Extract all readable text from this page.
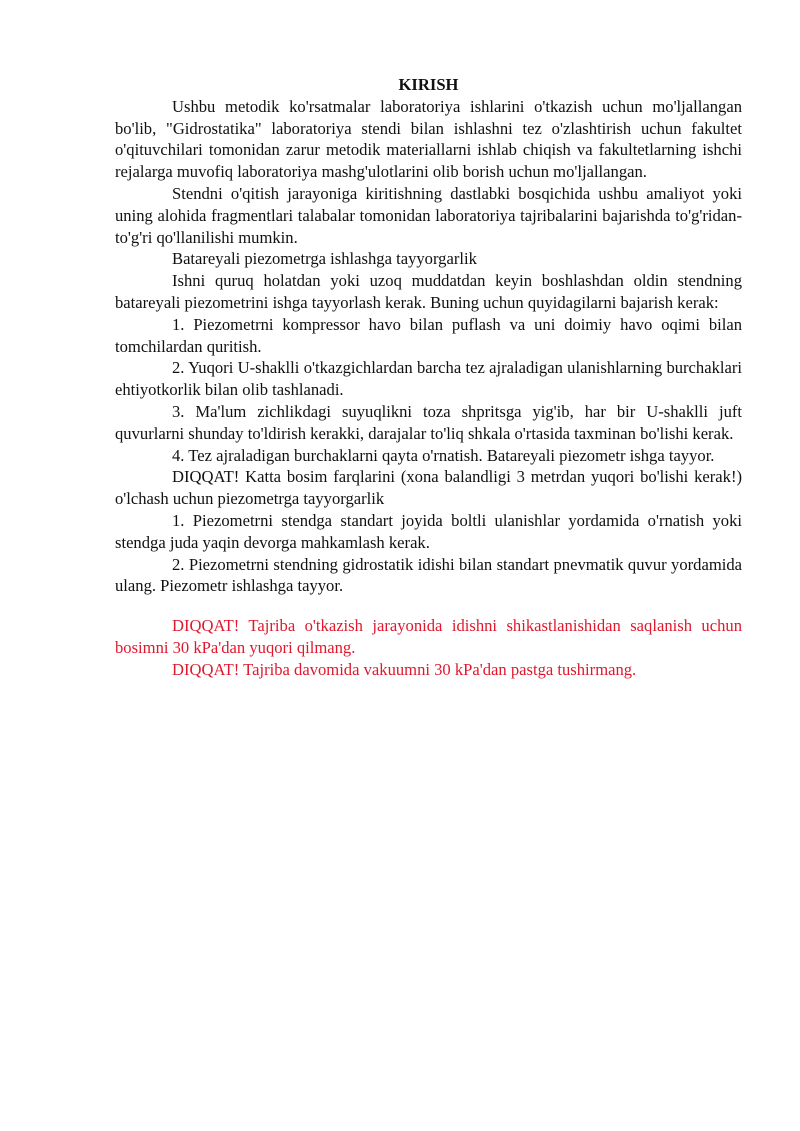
KIRISH

Ushbu metodik ko'rsatmalar laboratoriya ishlarini o'tkazish uchun mo'ljallangan bo'lib, "Gidrostatika" laboratoriya stendi bilan ishlashni tez o'zlashtirish uchun fakultet o'qituvchilari tomonidan zarur metodik materiallarni ishlab chiqish va fakultetlarning ishchi rejalarga muvofiq laboratoriya mashg'ulotlarini olib borish uchun mo'ljallangan.

Stendni o'qitish jarayoniga kiritishning dastlabki bosqichida ushbu amaliyot yoki uning alohida fragmentlari talabalar tomonidan laboratoriya tajribalarini bajarishda to'g'ridan-to'g'ri qo'llanilishi mumkin.

Batareyali piezometrga ishlashga tayyorgarlik

Ishni quruq holatdan yoki uzoq muddatdan keyin boshlashdan oldin stendning batareyali piezometrini ishga tayyorlash kerak. Buning uchun quyidagilarni bajarish kerak:

1. Piezometrni kompressor havo bilan puflash va uni doimiy havo oqimi bilan tomchilardan quritish.

2. Yuqori U-shaklli o'tkazgichlardan barcha tez ajraladigan ulanishlarning burchaklari ehtiyotkorlik bilan olib tashlanadi.

3. Ma'lum zichlikdagi suyuqlikni toza shpritsga yig'ib, har bir U-shaklli juft quvurlarni shunday to'ldirish kerakki, darajalar to'liq shkala o'rtasida taxminan bo'lishi kerak.

4. Tez ajraladigan burchaklarni qayta o'rnatish. Batareyali piezometr ishga tayyor.

DIQQAT! Katta bosim farqlarini (xona balandligi 3 metrdan yuqori bo'lishi kerak!) o'lchash uchun piezometrga tayyorgarlik

1. Piezometrni stendga standart joyida boltli ulanishlar yordamida o'rnatish yoki stendga juda yaqin devorga mahkamlash kerak.

2. Piezometrni stendning gidrostatik idishi bilan standart pnevmatik quvur yordamida ulang. Piezometr ishlashga tayyor.

DIQQAT! Tajriba o'tkazish jarayonida idishni shikastlanishidan saqlanish uchun bosimni 30 kPa'dan yuqori qilmang.

DIQQAT! Tajriba davomida vakuumni 30 kPa'dan pastga tushirmang.
